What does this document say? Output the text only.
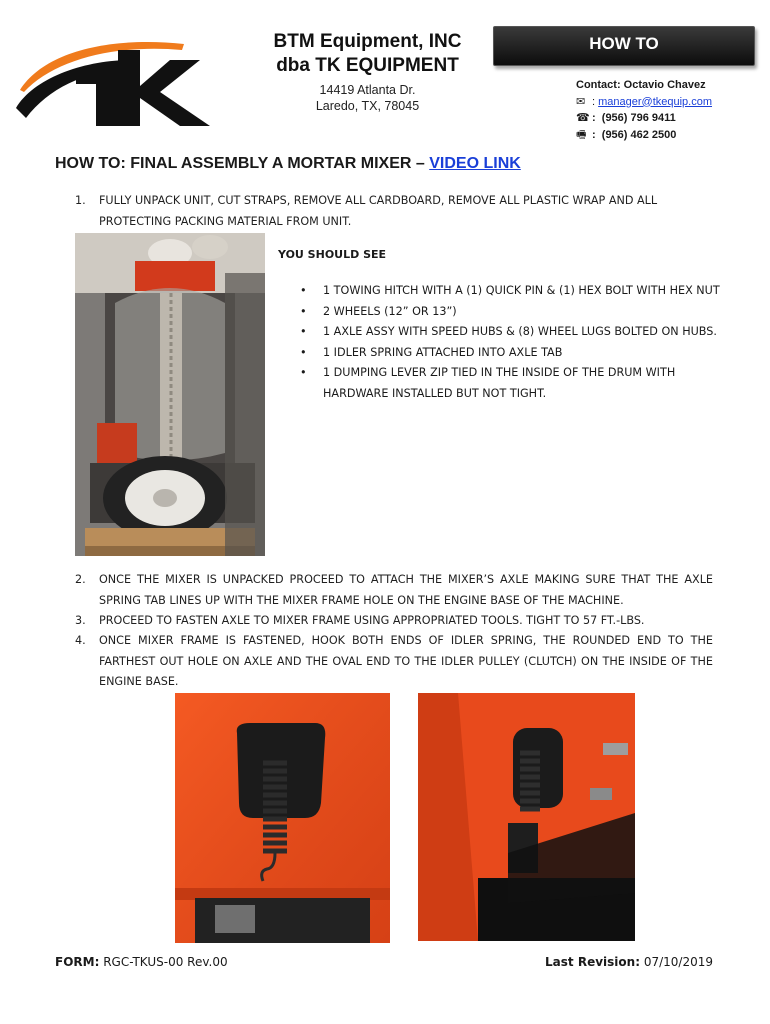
BTM Equipment, INC
dba TK EQUIPMENT
14419 Atlanta Dr.
Laredo, TX, 78045
HOW TO
Contact: Octavio Chavez
✉ : manager@tkequip.com
☎ : (956) 796 9411
🖷 : (956) 462 2500
HOW TO: FINAL ASSEMBLY A MORTAR MIXER – VIDEO LINK
1. FULLY UNPACK UNIT, CUT STRAPS, REMOVE ALL CARDBOARD, REMOVE ALL PLASTIC WRAP AND ALL
PROTECTING PACKING MATERIAL FROM UNIT.
YOU SHOULD SEE
• 1 TOWING HITCH WITH A (1) QUICK PIN & (1) HEX BOLT WITH HEX NUT
• 2 WHEELS (12” OR 13”)
• 1 AXLE ASSY WITH SPEED HUBS & (8) WHEEL LUGS BOLTED ON HUBS.
• 1 IDLER SPRING ATTACHED INTO AXLE TAB
• 1 DUMPING LEVER ZIP TIED IN THE INSIDE OF THE DRUM WITH
HARDWARE INSTALLED BUT NOT TIGHT.
2. ONCE THE MIXER IS UNPACKED PROCEED TO ATTACH THE MIXER’S AXLE MAKING SURE THAT THE AXLE
SPRING TAB LINES UP WITH THE MIXER FRAME HOLE ON THE ENGINE BASE OF THE MACHINE.
3. PROCEED TO FASTEN AXLE TO MIXER FRAME USING APPROPRIATED TOOLS. TIGHT TO 57 FT.-LBS.
4. ONCE MIXER FRAME IS FASTENED, HOOK BOTH ENDS OF IDLER SPRING, THE ROUNDED END TO THE
FARTHEST OUT HOLE ON AXLE AND THE OVAL END TO THE IDLER PULLEY (CLUTCH) ON THE INSIDE OF THE
ENGINE BASE.
FORM: RGC-TKUS-00 Rev.00	Last Revision: 07/10/2019
